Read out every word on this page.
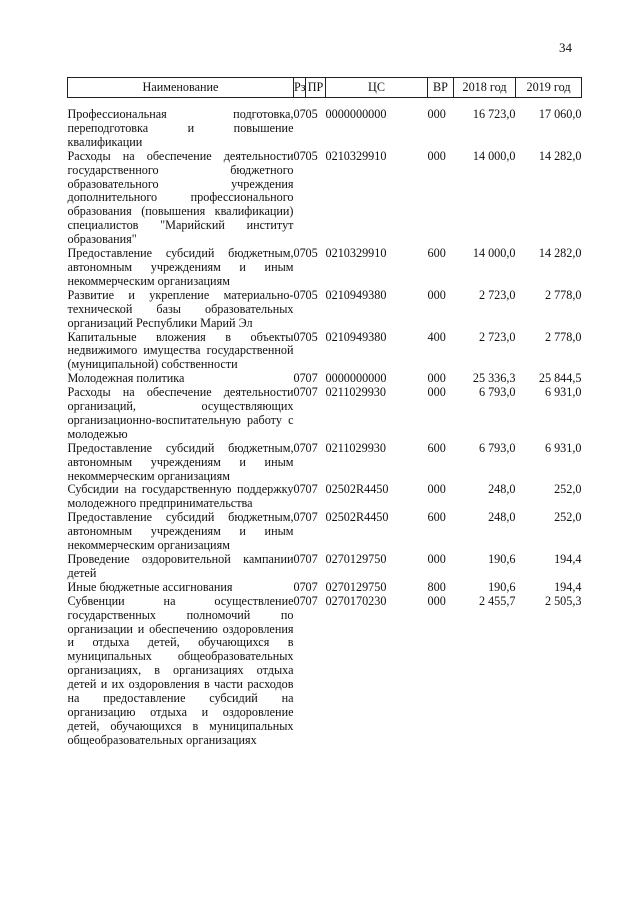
34
Наименование	Рз	ПР	ЦС	ВР	2018 год	2019 год

Профессиональная подготовка, переподготовка и повышение квалификации	07	05	0000000000	000	16 723,0	17 060,0
Расходы на обеспечение деятельности государственного бюджетного образовательного учреждения дополнительного профессионального образования (повышения квалификации) специалистов "Марийский институт образования"	07	05	0210329910	000	14 000,0	14 282,0
Предоставление субсидий бюджетным, автономным учреждениям и иным некоммерческим организациям	07	05	0210329910	600	14 000,0	14 282,0
Развитие и укрепление материально-технической базы образовательных организаций Республики Марий Эл	07	05	0210949380	000	2 723,0	2 778,0
Капитальные вложения в объекты недвижимого имущества государственной (муниципальной) собственности	07	05	0210949380	400	2 723,0	2 778,0
Молодежная политика	07	07	0000000000	000	25 336,3	25 844,5
Расходы на обеспечение деятельности организаций, осуществляющих организационно-воспитательную работу с молодежью	07	07	0211029930	000	6 793,0	6 931,0
Предоставление субсидий бюджетным, автономным учреждениям и иным некоммерческим организациям	07	07	0211029930	600	6 793,0	6 931,0
Субсидии на государственную поддержку молодежного предпринимательства	07	07	02502R4450	000	248,0	252,0
Предоставление субсидий бюджетным, автономным учреждениям и иным некоммерческим организациям	07	07	02502R4450	600	248,0	252,0
Проведение оздоровительной кампании детей	07	07	0270129750	000	190,6	194,4
Иные бюджетные ассигнования	07	07	0270129750	800	190,6	194,4
Субвенции на осуществление государственных полномочий по организации и обеспечению оздоровления и отдыха детей, обучающихся в муниципальных общеобразовательных организациях, в организациях отдыха детей и их оздоровления в части расходов на предоставление субсидий на организацию отдыха и оздоровление детей, обучающихся в муниципальных общеобразовательных организациях	07	07	0270170230	000	2 455,7	2 505,3
